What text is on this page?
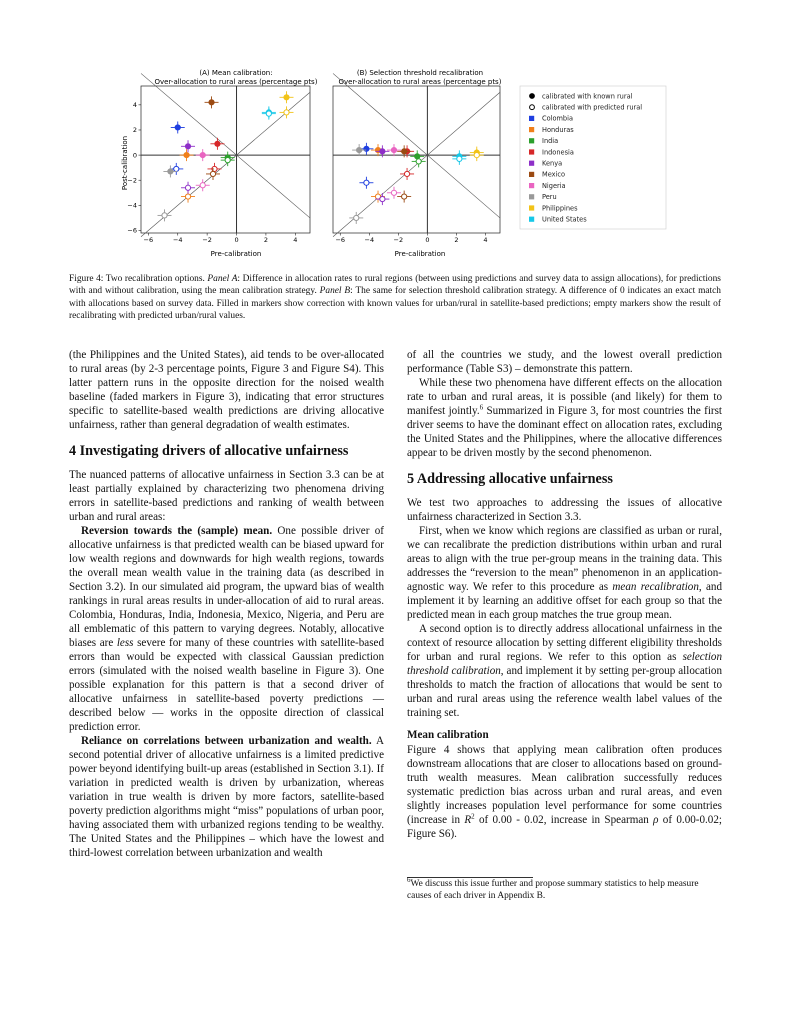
(A) Mean calibration:
Over-allocation to rural areas (percentage pts)
(B) Selection threshold recalibration
Over-allocation to rural areas (percentage pts)
Pre-calibration	Pre-calibration
Post-calibration
−6	−4	−2	0	2	4
−6
−4
−2
0
2
4
−6	−4	−2	0	2	4
calibrated with known rural
calibrated with predicted rural
Colombia
Honduras
India
Indonesia
Kenya
Mexico
Nigeria
Peru
Philippines
United States
Figure 4: Two recalibration options. Panel A: Difference in allocation rates to rural regions (between using predictions and survey data to assign allocations), for predictions with and without calibration, using the mean calibration strategy. Panel B: The same for selection threshold calibration strategy. A difference of 0 indicates an exact match with allocations based on survey data. Filled in markers show correction with known values for urban/rural in satellite-based predictions; empty markers show the result of recalibrating with predicted urban/rural values.

(the Philippines and the United States), aid tends to be over-allocated to rural areas (by 2-3 percentage points, Figure 3 and Figure S4). This latter pattern runs in the opposite direction for the noised wealth baseline (faded markers in Figure 3), indicating that error structures specific to satellite-based wealth predictions are driving allocative unfairness, rather than general degradation of wealth estimates.

4 Investigating drivers of allocative unfairness

The nuanced patterns of allocative unfairness in Section 3.3 can be at least partially explained by characterizing two phenomena driving errors in satellite-based predictions and ranking of wealth between urban and rural areas:

Reversion towards the (sample) mean. One possible driver of allocative unfairness is that predicted wealth can be biased upward for low wealth regions and downwards for high wealth regions, towards the overall mean wealth value in the training data (as described in Section 3.2). In our simulated aid program, the upward bias of wealth rankings in rural areas results in under-allocation of aid to rural areas. Colombia, Honduras, India, Indonesia, Mexico, Nigeria, and Peru are all emblematic of this pattern to varying degrees. Notably, allocative biases are less severe for many of these countries with satellite-based errors than would be expected with classical Gaussian prediction errors (simulated with the noised wealth baseline in Figure 3). One possible explanation for this pattern is that a second driver of allocative unfairness in satellite-based poverty predictions — described below — works in the opposite direction of classical prediction error.

Reliance on correlations between urbanization and wealth. A second potential driver of allocative unfairness is a limited predictive power beyond identifying built-up areas (established in Section 3.1). If variation in predicted wealth is driven by urbanization, whereas variation in true wealth is driven by more factors, satellite-based poverty prediction algorithms might “miss” populations of urban poor, having associated them with urbanized regions tending to be wealthy. The United States and the Philippines – which have the lowest and third-lowest correlation between urbanization and wealth

of all the countries we study, and the lowest overall prediction performance (Table S3) – demonstrate this pattern.

While these two phenomena have different effects on the allocation rate to urban and rural areas, it is possible (and likely) for them to manifest jointly.$^6$ Summarized in Figure 3, for most countries the first driver seems to have the dominant effect on allocation rates, excluding the United States and the Philippines, where the allocative differences appear to be driven mostly by the second phenomenon.

5 Addressing allocative unfairness

We test two approaches to addressing the issues of allocative unfairness characterized in Section 3.3.

First, when we know which regions are classified as urban or rural, we can recalibrate the prediction distributions within urban and rural areas to align with the true per-group means in the training data. This addresses the “reversion to the mean” phenomenon in an application-agnostic way. We refer to this procedure as mean recalibration, and implement it by learning an additive offset for each group so that the predicted mean in each group matches the true group mean.

A second option is to directly address allocational unfairness in the context of resource allocation by setting different eligibility thresholds for urban and rural regions. We refer to this option as selection threshold calibration, and implement it by setting per-group allocation thresholds to match the fraction of allocations that would be sent to urban and rural areas using the reference wealth label values of the training set.

Mean calibration

Figure 4 shows that applying mean calibration often produces downstream allocations that are closer to allocations based on ground-truth wealth measures. Mean calibration successfully reduces systematic prediction bias across urban and rural areas, and even slightly increases population level performance for some countries (increase in $R^2$ of 0.00 - 0.02, increase in Spearman ρ of 0.00-0.02; Figure S6).

$^6$We discuss this issue further and propose summary statistics to help measure causes of each driver in Appendix B.
